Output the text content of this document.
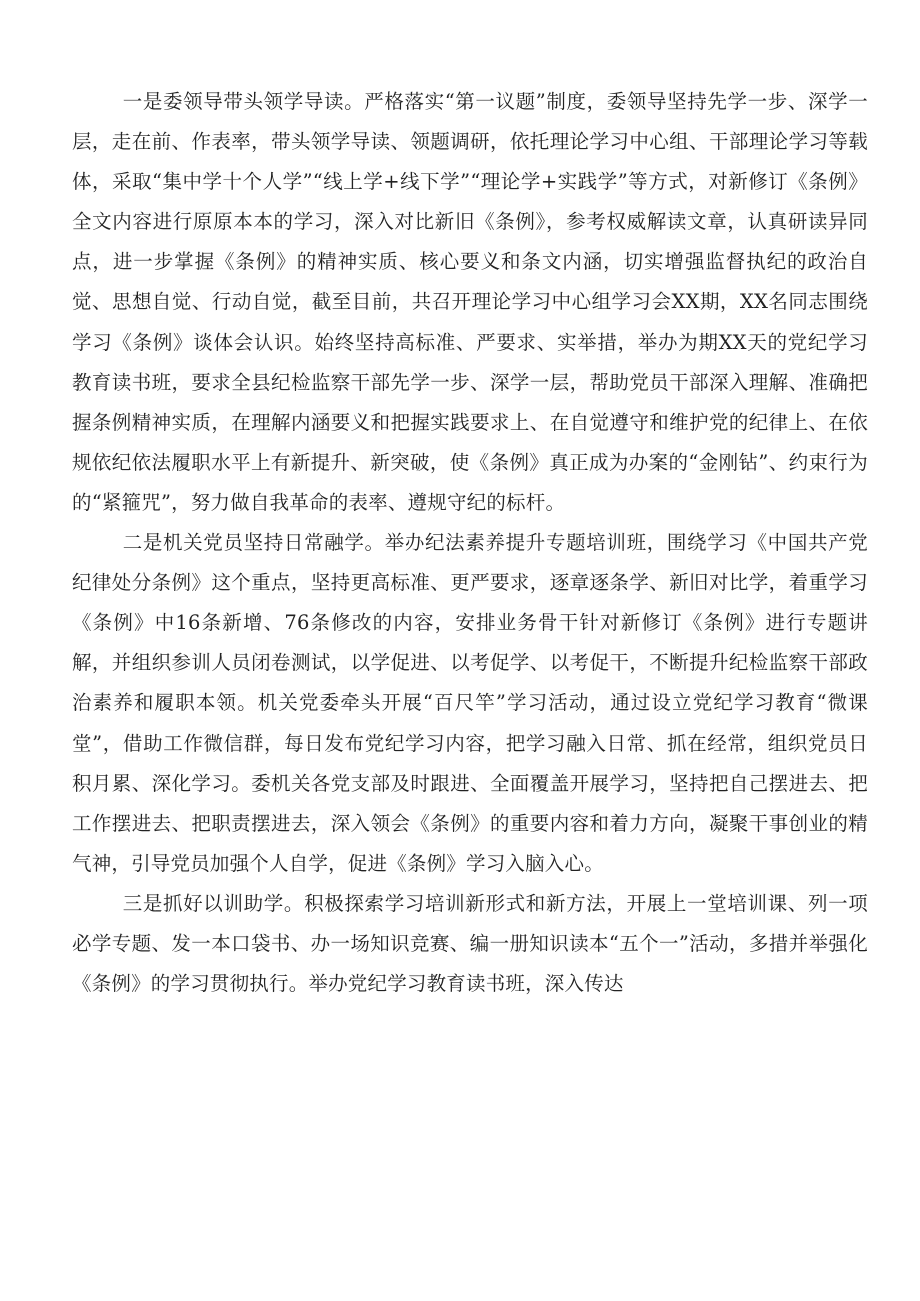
一是委领导带头领学导读。严格落实“第一议题”制度，委领导坚持先学一步、深学一层，走在前、作表率，带头领学导读、领题调研，依托理论学习中心组、干部理论学习等载体，采取“集中学十个人学”“线上学+线下学”“理论学+实践学”等方式，对新修订《条例》全文内容进行原原本本的学习，深入对比新旧《条例》，参考权威解读文章，认真研读异同点，进一步掌握《条例》的精神实质、核心要义和条文内涵，切实增强监督执纪的政治自觉、思想自觉、行动自觉，截至目前，共召开理论学习中心组学习会XX期，XX名同志围绕学习《条例》谈体会认识。始终坚持高标准、严要求、实举措，举办为期XX天的党纪学习教育读书班，要求全县纪检监察干部先学一步、深学一层，帮助党员干部深入理解、准确把握条例精神实质，在理解内涵要义和把握实践要求上、在自觉遵守和维护党的纪律上、在依规依纪依法履职水平上有新提升、新突破，使《条例》真正成为办案的“金刚钻”、约束行为的“紧箍咒”，努力做自我革命的表率、遵规守纪的标杆。

二是机关党员坚持日常融学。举办纪法素养提升专题培训班，围绕学习《中国共产党纪律处分条例》这个重点，坚持更高标准、更严要求，逐章逐条学、新旧对比学，着重学习《条例》中16条新增、76条修改的内容，安排业务骨干针对新修订《条例》进行专题讲解，并组织参训人员闭卷测试，以学促进、以考促学、以考促干，不断提升纪检监察干部政治素养和履职本领。机关党委牵头开展“百尺竿”学习活动，通过设立党纪学习教育“微课堂”，借助工作微信群，每日发布党纪学习内容，把学习融入日常、抓在经常，组织党员日积月累、深化学习。委机关各党支部及时跟进、全面覆盖开展学习，坚持把自己摆进去、把工作摆进去、把职责摆进去，深入领会《条例》的重要内容和着力方向，凝聚干事创业的精气神，引导党员加强个人自学，促进《条例》学习入脑入心。

三是抓好以训助学。积极探索学习培训新形式和新方法，开展上一堂培训课、列一项必学专题、发一本口袋书、办一场知识竞赛、编一册知识读本“五个一”活动，多措并举强化《条例》的学习贯彻执行。举办党纪学习教育读书班，深入传达
